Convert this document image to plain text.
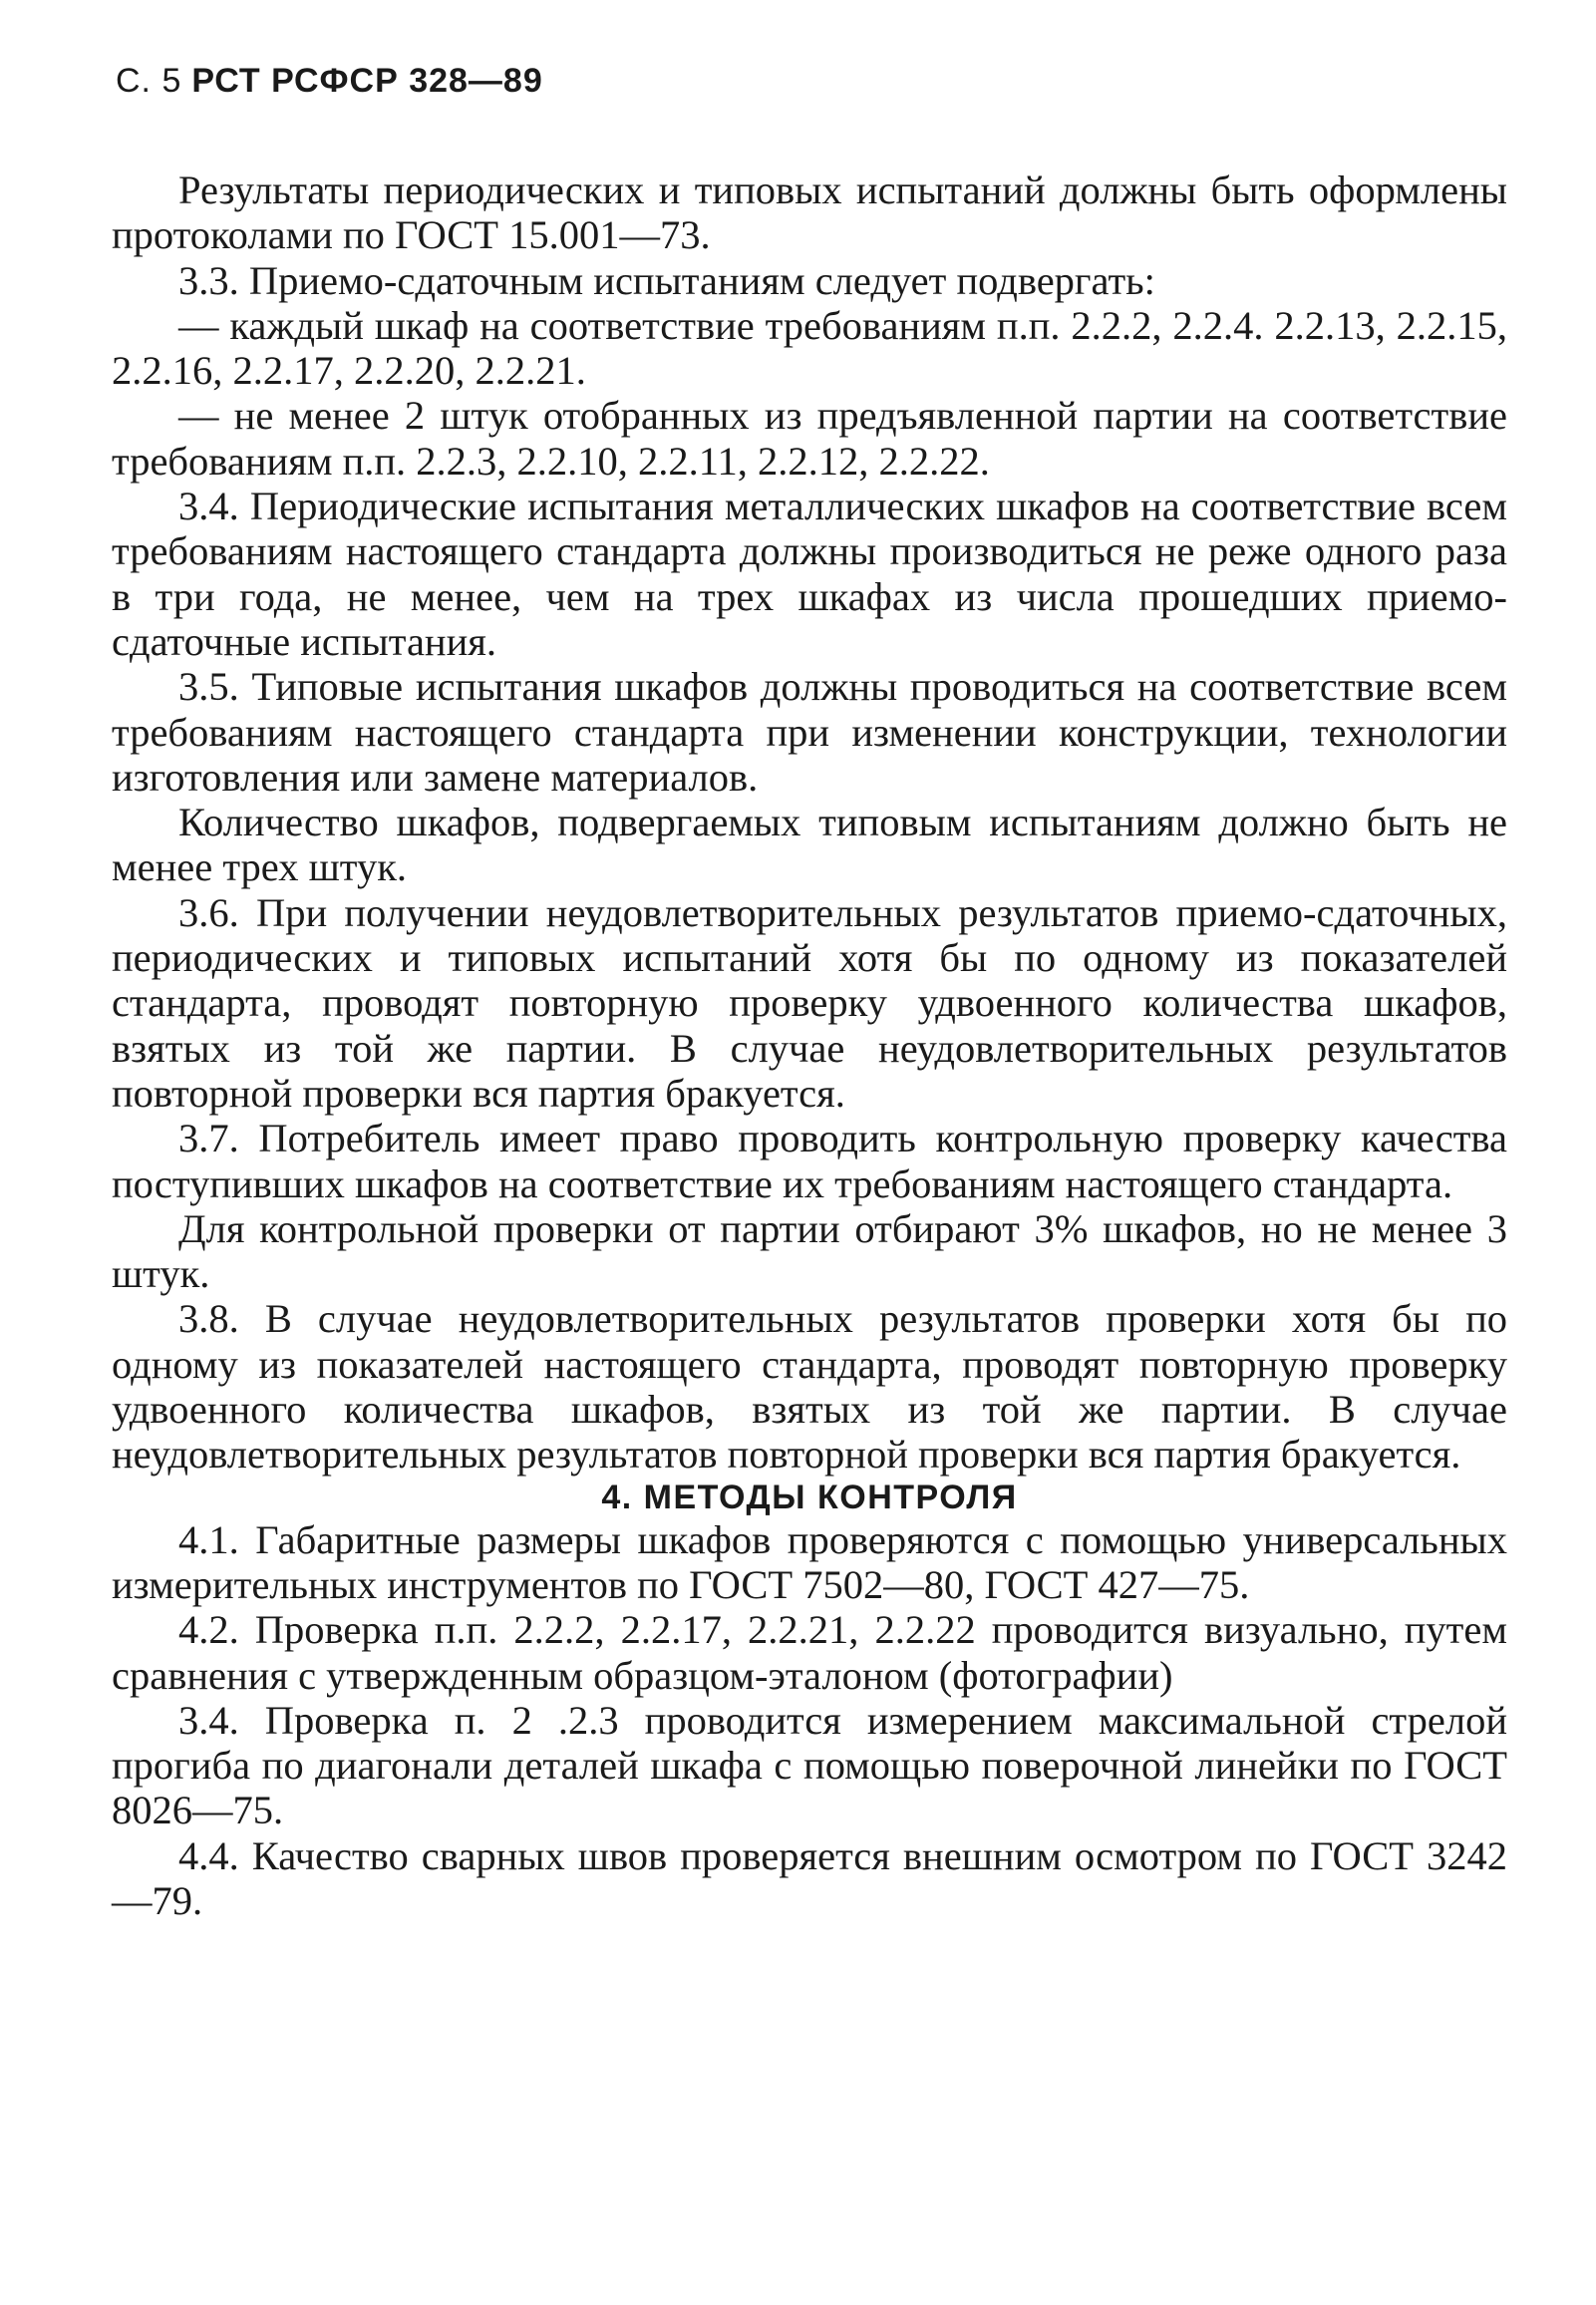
С. 5 РСТ РСФСР 328—89

Результаты периодических и типовых испытаний должны быть оформлены протоколами по ГОСТ 15.001—73.

3.3. Приемо-сдаточным испытаниям следует подвергать:

— каждый шкаф на соответствие требованиям п.п. 2.2.2, 2.2.4. 2.2.13, 2.2.15, 2.2.16, 2.2.17, 2.2.20, 2.2.21.

— не менее 2 штук отобранных из предъявленной партии на соответствие требованиям п.п. 2.2.3, 2.2.10, 2.2.11, 2.2.12, 2.2.22.

3.4. Периодические испытания металлических шкафов на соответствие всем требованиям настоящего стандарта должны производиться не реже одного раза в три года, не менее, чем на трех шкафах из числа прошедших приемо-сдаточные испытания.

3.5. Типовые испытания шкафов должны проводиться на соответствие всем требованиям настоящего стандарта при изменении конструкции, технологии изготовления или замене материалов.

Количество шкафов, подвергаемых типовым испытаниям должно быть не менее трех штук.

3.6. При получении неудовлетворительных результатов приемо-сдаточных, периодических и типовых испытаний хотя бы по одному из показателей стандарта, проводят повторную проверку удвоенного количества шкафов, взятых из той же партии. В случае неудовлетворительных результатов повторной проверки вся партия бракуется.

3.7. Потребитель имеет право проводить контрольную проверку качества поступивших шкафов на соответствие их требованиям настоящего стандарта.

Для контрольной проверки от партии отбирают 3% шкафов, но не менее 3 штук.

3.8. В случае неудовлетворительных результатов проверки хотя бы по одному из показателей настоящего стандарта, проводят повторную проверку удвоенного количества шкафов, взятых из той же партии. В случае неудовлетворительных результатов повторной проверки вся партия бракуется.

4. МЕТОДЫ КОНТРОЛЯ

4.1. Габаритные размеры шкафов проверяются с помощью универсальных измерительных инструментов по ГОСТ 7502—80, ГОСТ 427—75.

4.2. Проверка п.п. 2.2.2, 2.2.17, 2.2.21, 2.2.22 проводится визуально, путем сравнения с утвержденным образцом-эталоном (фотографии)

3.4. Проверка п. 2 .2.3 проводится измерением максимальной стрелой прогиба по диагонали деталей шкафа с помощью поверочной линейки по ГОСТ 8026—75.

4.4. Качество сварных швов проверяется внешним осмотром по ГОСТ 3242—79.
